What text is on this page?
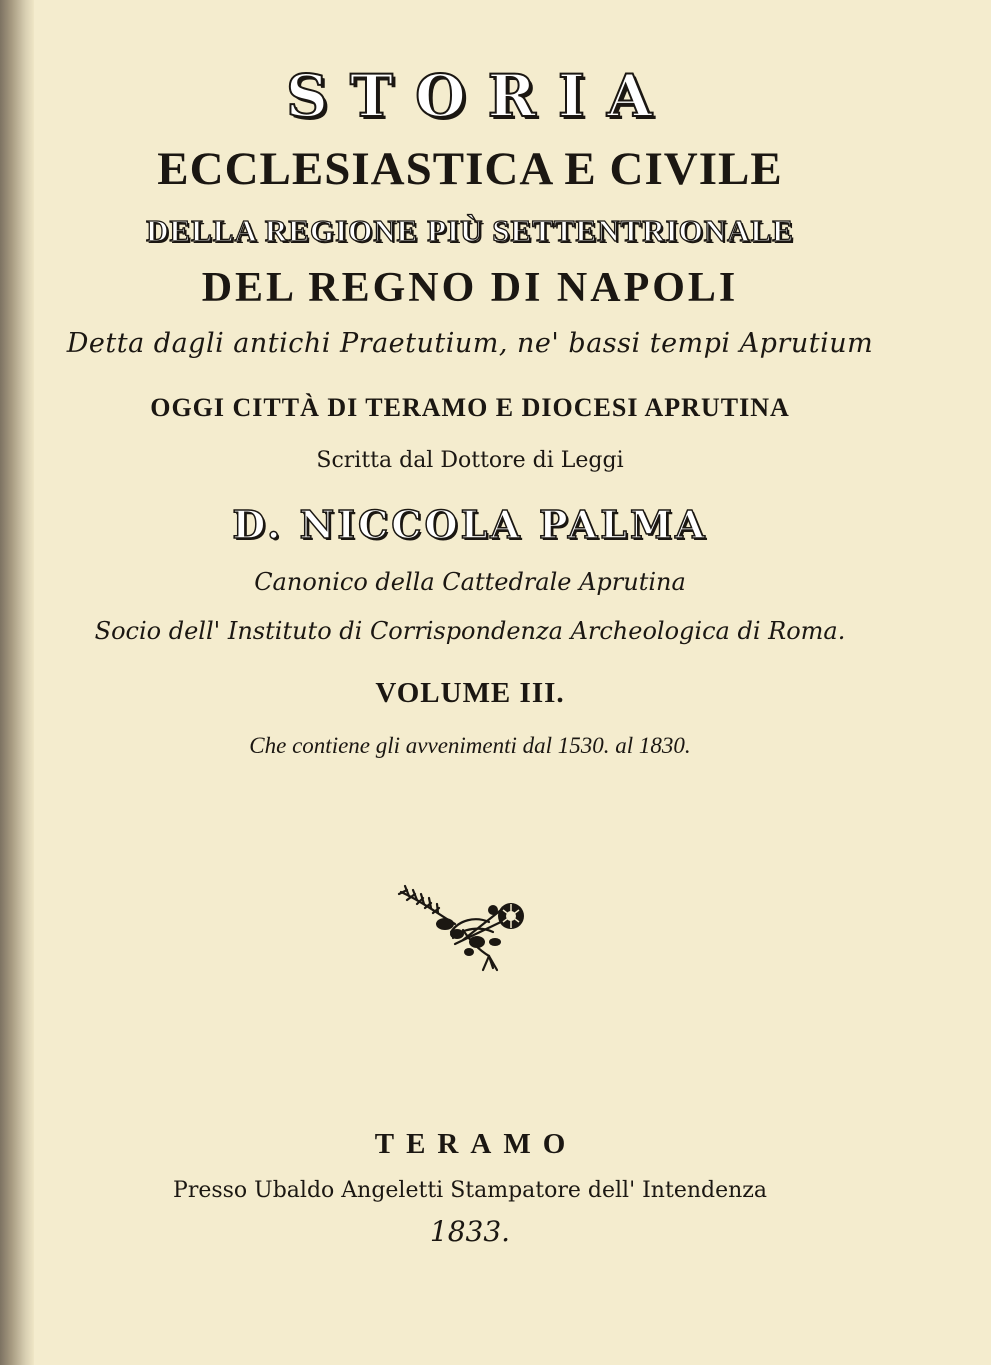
STORIA
ECCLESIASTICA E CIVILE
DELLA REGIONE PIÙ SETTENTRIONALE
DEL REGNO DI NAPOLI
Detta dagli antichi Praetutium, ne' bassi tempi Aprutium
OGGI CITTÀ DI TERAMO E DIOCESI APRUTINA
Scritta dal Dottore di Leggi
D. NICCOLA PALMA
Canonico della Cattedrale Aprutina
Socio dell' Instituto di Corrispondenza Archeologica di Roma.
VOLUME III.
Che contiene gli avvenimenti dal 1530. al 1830.
TERAMO
Presso Ubaldo Angeletti Stampatore dell' Intendenza
1833.
